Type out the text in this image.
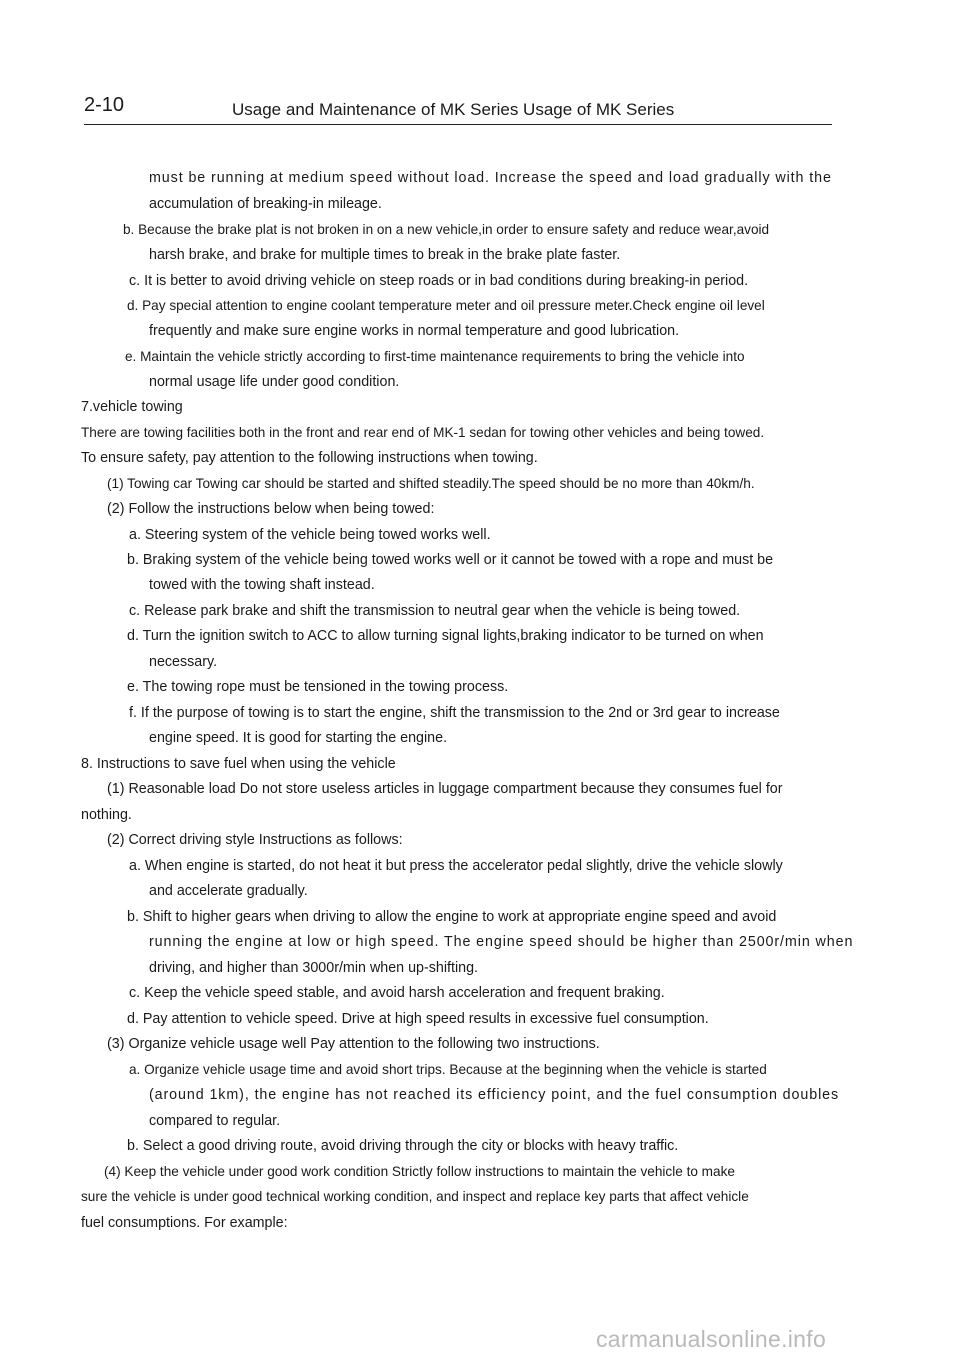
2-10	Usage and Maintenance of MK Series Usage of MK Series
must be running at medium speed without load. Increase the speed and load gradually with the
accumulation of breaking-in mileage.
b. Because the brake plat is not broken in on a new vehicle,in order to ensure safety and reduce wear,avoid
harsh brake, and brake for multiple times to break in the brake plate faster.
c. It is better to avoid driving vehicle on steep roads or in bad conditions during breaking-in period.
d. Pay special attention to engine coolant temperature meter and oil pressure meter.Check engine oil level
frequently and make sure engine works in normal temperature and good lubrication.
e. Maintain the vehicle strictly according to first-time maintenance requirements to bring the vehicle into
normal usage life under good condition.
7.vehicle towing
There are towing facilities both in the front and rear end of MK-1 sedan for towing other vehicles and being towed.
To ensure safety, pay attention to the following instructions when towing.
(1) Towing car Towing car should be started and shifted steadily.The speed should be no more than 40km/h.
(2) Follow the instructions below when being towed:
a. Steering system of the vehicle being towed works well.
b. Braking system of the vehicle being towed works well or it cannot be towed with a rope and must be
towed with the towing shaft instead.
c. Release park brake and shift the transmission to neutral gear when the vehicle is being towed.
d. Turn the ignition switch to ACC to allow turning signal lights,braking indicator to be turned on when
necessary.
e. The towing rope must be tensioned in the towing process.
f. If the purpose of towing is to start the engine, shift the transmission to the 2nd or 3rd gear to increase
engine speed. It is good for starting the engine.
8. Instructions to save fuel when using the vehicle
(1) Reasonable load Do not store useless articles in luggage compartment because they consumes fuel for
nothing.
(2) Correct driving style Instructions as follows:
a. When engine is started, do not heat it but press the accelerator pedal slightly, drive the vehicle slowly
and accelerate gradually.
b. Shift to higher gears when driving to allow the engine to work at appropriate engine speed and avoid
running the engine at low or high speed. The engine speed should be higher than 2500r/min when
driving, and higher than 3000r/min when up-shifting.
c. Keep the vehicle speed stable, and avoid harsh acceleration and frequent braking.
d. Pay attention to vehicle speed. Drive at high speed results in excessive fuel consumption.
(3) Organize vehicle usage well Pay attention to the following two instructions.
a. Organize vehicle usage time and avoid short trips. Because at the beginning when the vehicle is started
(around 1km), the engine has not reached its efficiency point, and the fuel consumption doubles
compared to regular.
b. Select a good driving route, avoid driving through the city or blocks with heavy traffic.
(4) Keep the vehicle under good work condition Strictly follow instructions to maintain the vehicle to make
sure the vehicle is under good technical working condition, and inspect and replace key parts that affect vehicle
fuel consumptions. For example:
carmanualsonline.info
